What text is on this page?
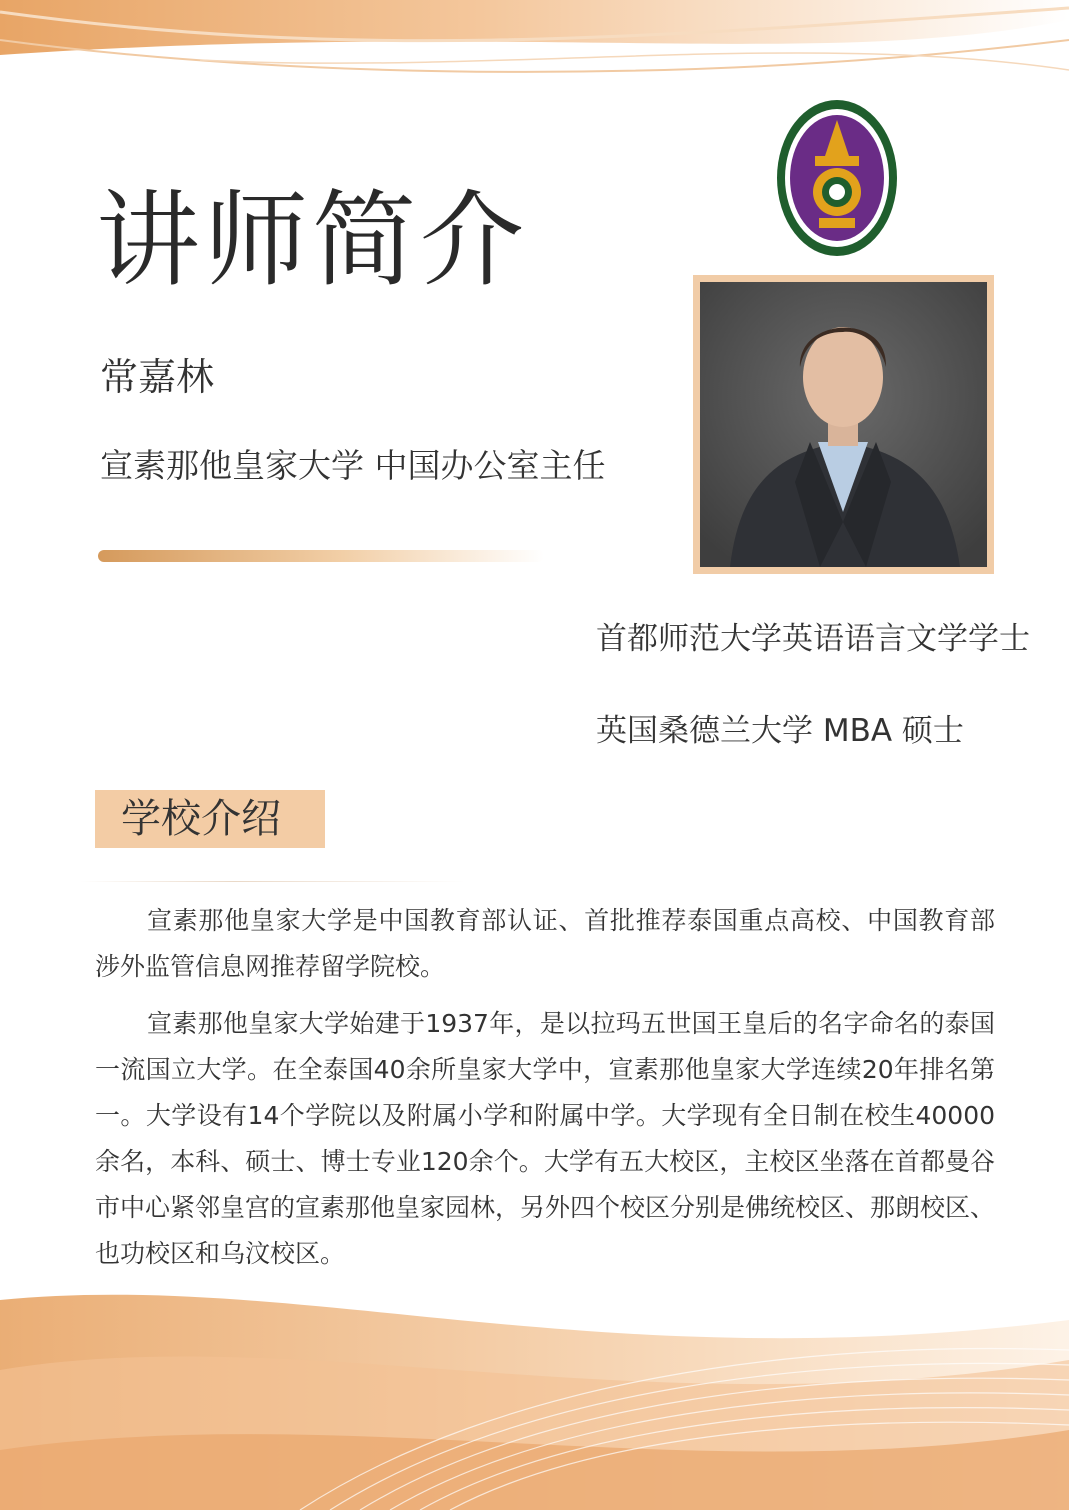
讲师简介
常嘉林
宣素那他皇家大学 中国办公室主任
首都师范大学英语语言文学学士
英国桑德兰大学 MBA 硕士
学校介绍

宣素那他皇家大学是中国教育部认证、首批推荐泰国重点高校、中国教育部涉外监管信息网推荐留学院校。

宣素那他皇家大学始建于1937年，是以拉玛五世国王皇后的名字命名的泰国一流国立大学。在全泰国40余所皇家大学中，宣素那他皇家大学连续20年排名第一。大学设有14个学院以及附属小学和附属中学。大学现有全日制在校生40000余名，本科、硕士、博士专业120余个。大学有五大校区，主校区坐落在首都曼谷市中心紧邻皇宫的宣素那他皇家园林，另外四个校区分别是佛统校区、那朗校区、也功校区和乌汶校区。
